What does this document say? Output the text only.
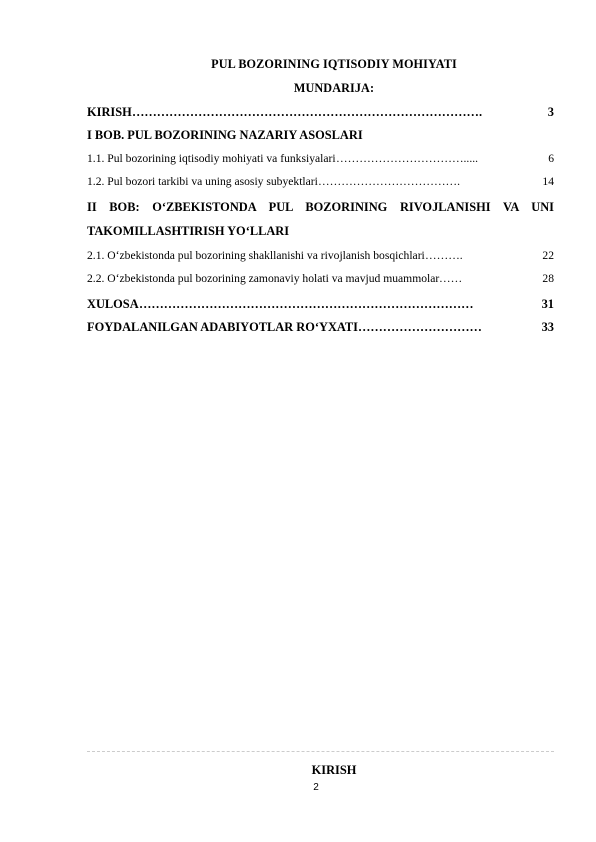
PUL BOZORINING IQTISODIY MOHIYATI
MUNDARIJA:
KIRISH ………………………………………………………………………….	3
I BOB. PUL BOZORINING NAZARIY ASOSLARI
1.1. Pul bozorining iqtisodiy mohiyati va funksiyalari …………………………….....	6
1.2. Pul bozori tarkibi va uning asosiy subyektlari ……………………………….	14
II BOB: O‘ZBEKISTONDA PUL BOZORINING RIVOJLANISHI VA UNI
TAKOMILLASHTIRISH YO‘LLARI
2.1. O‘zbekistonda pul bozorining shakllanishi va rivojlanish bosqichlari ……….	22
2.2. O‘zbekistonda pul bozorining zamonaviy holati va mavjud muammolar ……	28
XULOSA ………………………………………………………………………	31
FOYDALANILGAN ADABIYOTLAR RO‘YXATI …………………………	33
KIRISH
2
